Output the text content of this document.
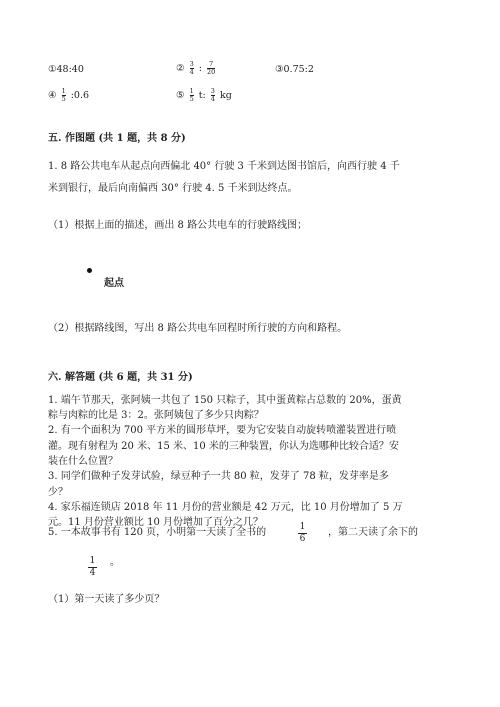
①48:40	② $\frac{3}{4}$ : $\frac{7}{20}$	③0.75:2
④ $\frac{1}{5}$ :0.6	⑤ $\frac{1}{5} t$: $\frac{3}{4}$ kg
五. 作图题 (共 1 题，共 8 分)
1. 8 路公共电车从起点向西偏北 40° 行驶 3 千米到达图书馆后，向西行驶 4 千
米到银行，最后向南偏西 30° 行驶 4. 5 千米到达终点。
（1）根据上面的描述，画出 8 路公共电车的行驶路线图；
起点
（2）根据路线图，写出 8 路公共电车回程时所行驶的方向和路程。
六. 解答题 (共 6 题，共 31 分)
1. 端午节那天，张阿姨一共包了 150 只粽子，其中蛋黄粽占总数的 20%，蛋黄
粽与肉粽的比是 3：2。张阿姨包了多少只肉粽？
2. 有一个面积为 700 平方米的圆形草坪，要为它安装自动旋转喷灌装置进行喷
灌。现有射程为 20 米、15 米、10 米的三种装置，你认为选哪种比较合适？安
装在什么位置？
3. 同学们做种子发芽试验，绿豆种子一共 80 粒，发芽了 78 粒，发芽率是多
少？
4. 家乐福连锁店 2018 年 11 月份的营业额是 42 万元，比 10 月份增加了 5 万
元。11 月份营业额比 10 月份增加了百分之几？
5. 一本故事书有 120 页，小明第一天读了全书的	$\frac{1}{6}$ ，第二天读了余下的
$\frac{1}{4}$ 。
（1）第一天读了多少页？
